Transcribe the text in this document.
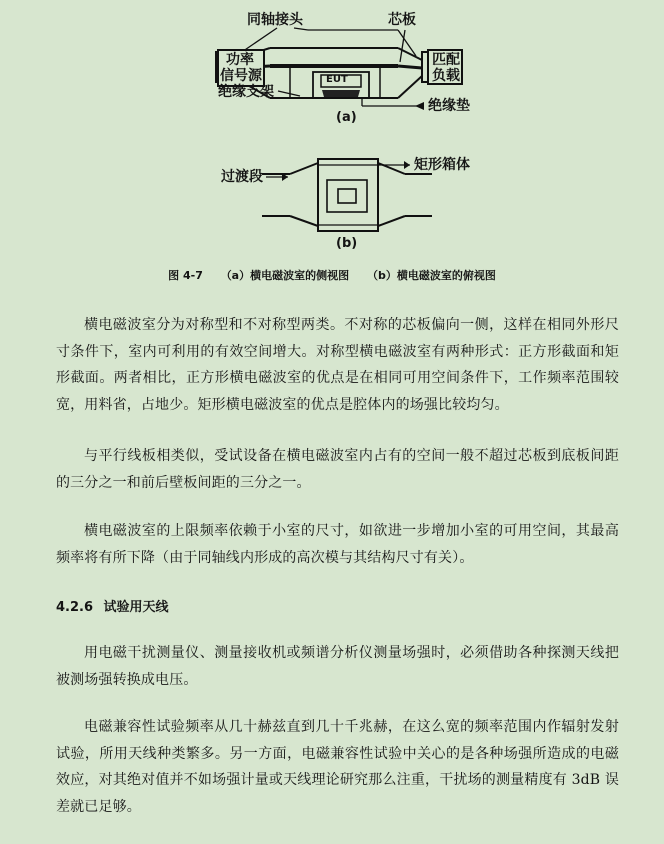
同轴接头	芯板
功率
信号源
绝缘支架
EUT
匹配
负载
绝缘垫
(a)
过渡段
矩形箱体
(b)
图 4-7 （a）横电磁波室的侧视图 （b）横电磁波室的俯视图

横电磁波室分为对称型和不对称型两类。不对称的芯板偏向一侧，这样在相同外形尺寸条件下，室内可利用的有效空间增大。对称型横电磁波室有两种形式：正方形截面和矩形截面。两者相比，正方形横电磁波室的优点是在相同可用空间条件下，工作频率范围较宽，用料省，占地少。矩形横电磁波室的优点是腔体内的场强比较均匀。

与平行线板相类似，受试设备在横电磁波室内占有的空间一般不超过芯板到底板间距的三分之一和前后壁板间距的三分之一。

横电磁波室的上限频率依赖于小室的尺寸，如欲进一步增加小室的可用空间，其最高频率将有所下降（由于同轴线内形成的高次模与其结构尺寸有关）。

4.2.6 试验用天线

用电磁干扰测量仪、测量接收机或频谱分析仪测量场强时，必须借助各种探测天线把被测场强转换成电压。

电磁兼容性试验频率从几十赫兹直到几十千兆赫，在这么宽的频率范围内作辐射发射试验，所用天线种类繁多。另一方面，电磁兼容性试验中关心的是各种场强所造成的电磁效应，对其绝对值并不如场强计量或天线理论研究那么注重，干扰场的测量精度有 3dB 误差就已足够。
